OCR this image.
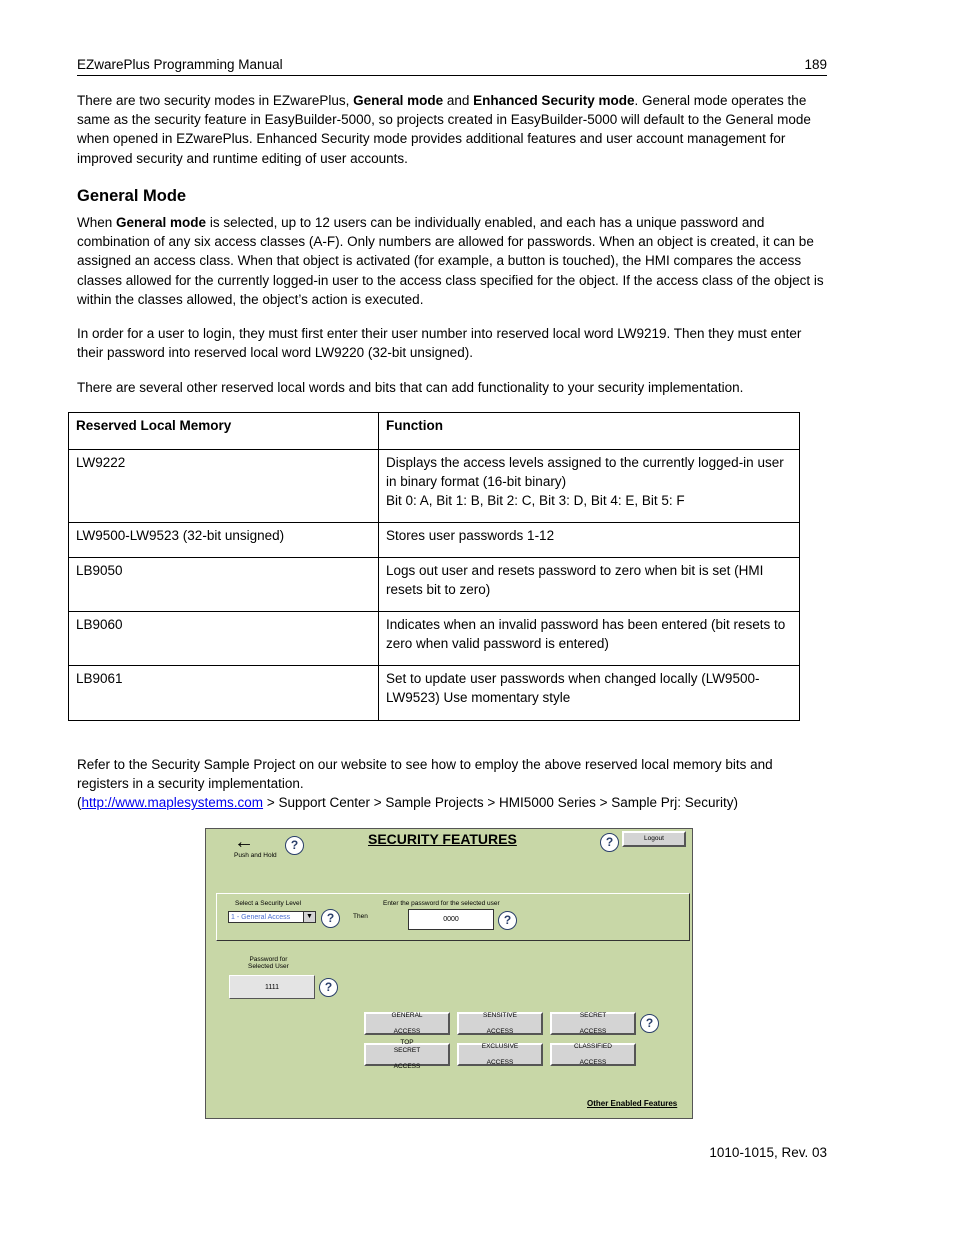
EZwarePlus Programming Manual	189
There are two security modes in EZwarePlus, General mode and Enhanced Security mode. General mode operates the same as the security feature in EasyBuilder-5000, so projects created in EasyBuilder-5000 will default to the General mode when opened in EZwarePlus. Enhanced Security mode provides additional features and user account management for improved security and runtime editing of user accounts.
General Mode
When General mode is selected, up to 12 users can be individually enabled, and each has a unique password and combination of any six access classes (A-F). Only numbers are allowed for passwords. When an object is created, it can be assigned an access class. When that object is activated (for example, a button is touched), the HMI compares the access classes allowed for the currently logged-in user to the access class specified for the object. If the access class of the object is within the classes allowed, the object’s action is executed.
In order for a user to login, they must first enter their user number into reserved local word LW9219. Then they must enter their password into reserved local word LW9220 (32-bit unsigned).
There are several other reserved local words and bits that can add functionality to your security implementation.
Reserved Local Memory	Function
LW9222	Displays the access levels assigned to the currently logged-in user in binary format (16-bit binary)
Bit 0: A, Bit 1: B, Bit 2: C, Bit 3: D, Bit 4: E, Bit 5: F

LW9500-LW9523 (32-bit unsigned)	Stores user passwords 1-12
LB9050	Logs out user and resets password to zero when bit is set (HMI resets bit to zero)
LB9060	Indicates when an invalid password has been entered (bit resets to zero when valid password is entered)
LB9061	Set to update user passwords when changed locally (LW9500-LW9523) Use momentary style
Refer to the Security Sample Project on our website to see how to employ the above reserved local memory bits and registers in a security implementation.
(http://www.maplesystems.com > Support Center > Sample Projects > HMI5000 Series > Sample Prj: Security)
←
Push and Hold
?	SECURITY FEATURES	?	Logout
Select a Security Level
1 - General Access	▼	?	Then
Enter the password for the selected user
0000	?
Password for
Selected User
1111	?
GENERAL

ACCESS
SENSITIVE

ACCESS
SECRET

ACCESS
?
TOP SECRET

ACCESS
EXCLUSIVE

ACCESS
CLASSIFIED

ACCESS
Other Enabled Features
1010-1015, Rev. 03
